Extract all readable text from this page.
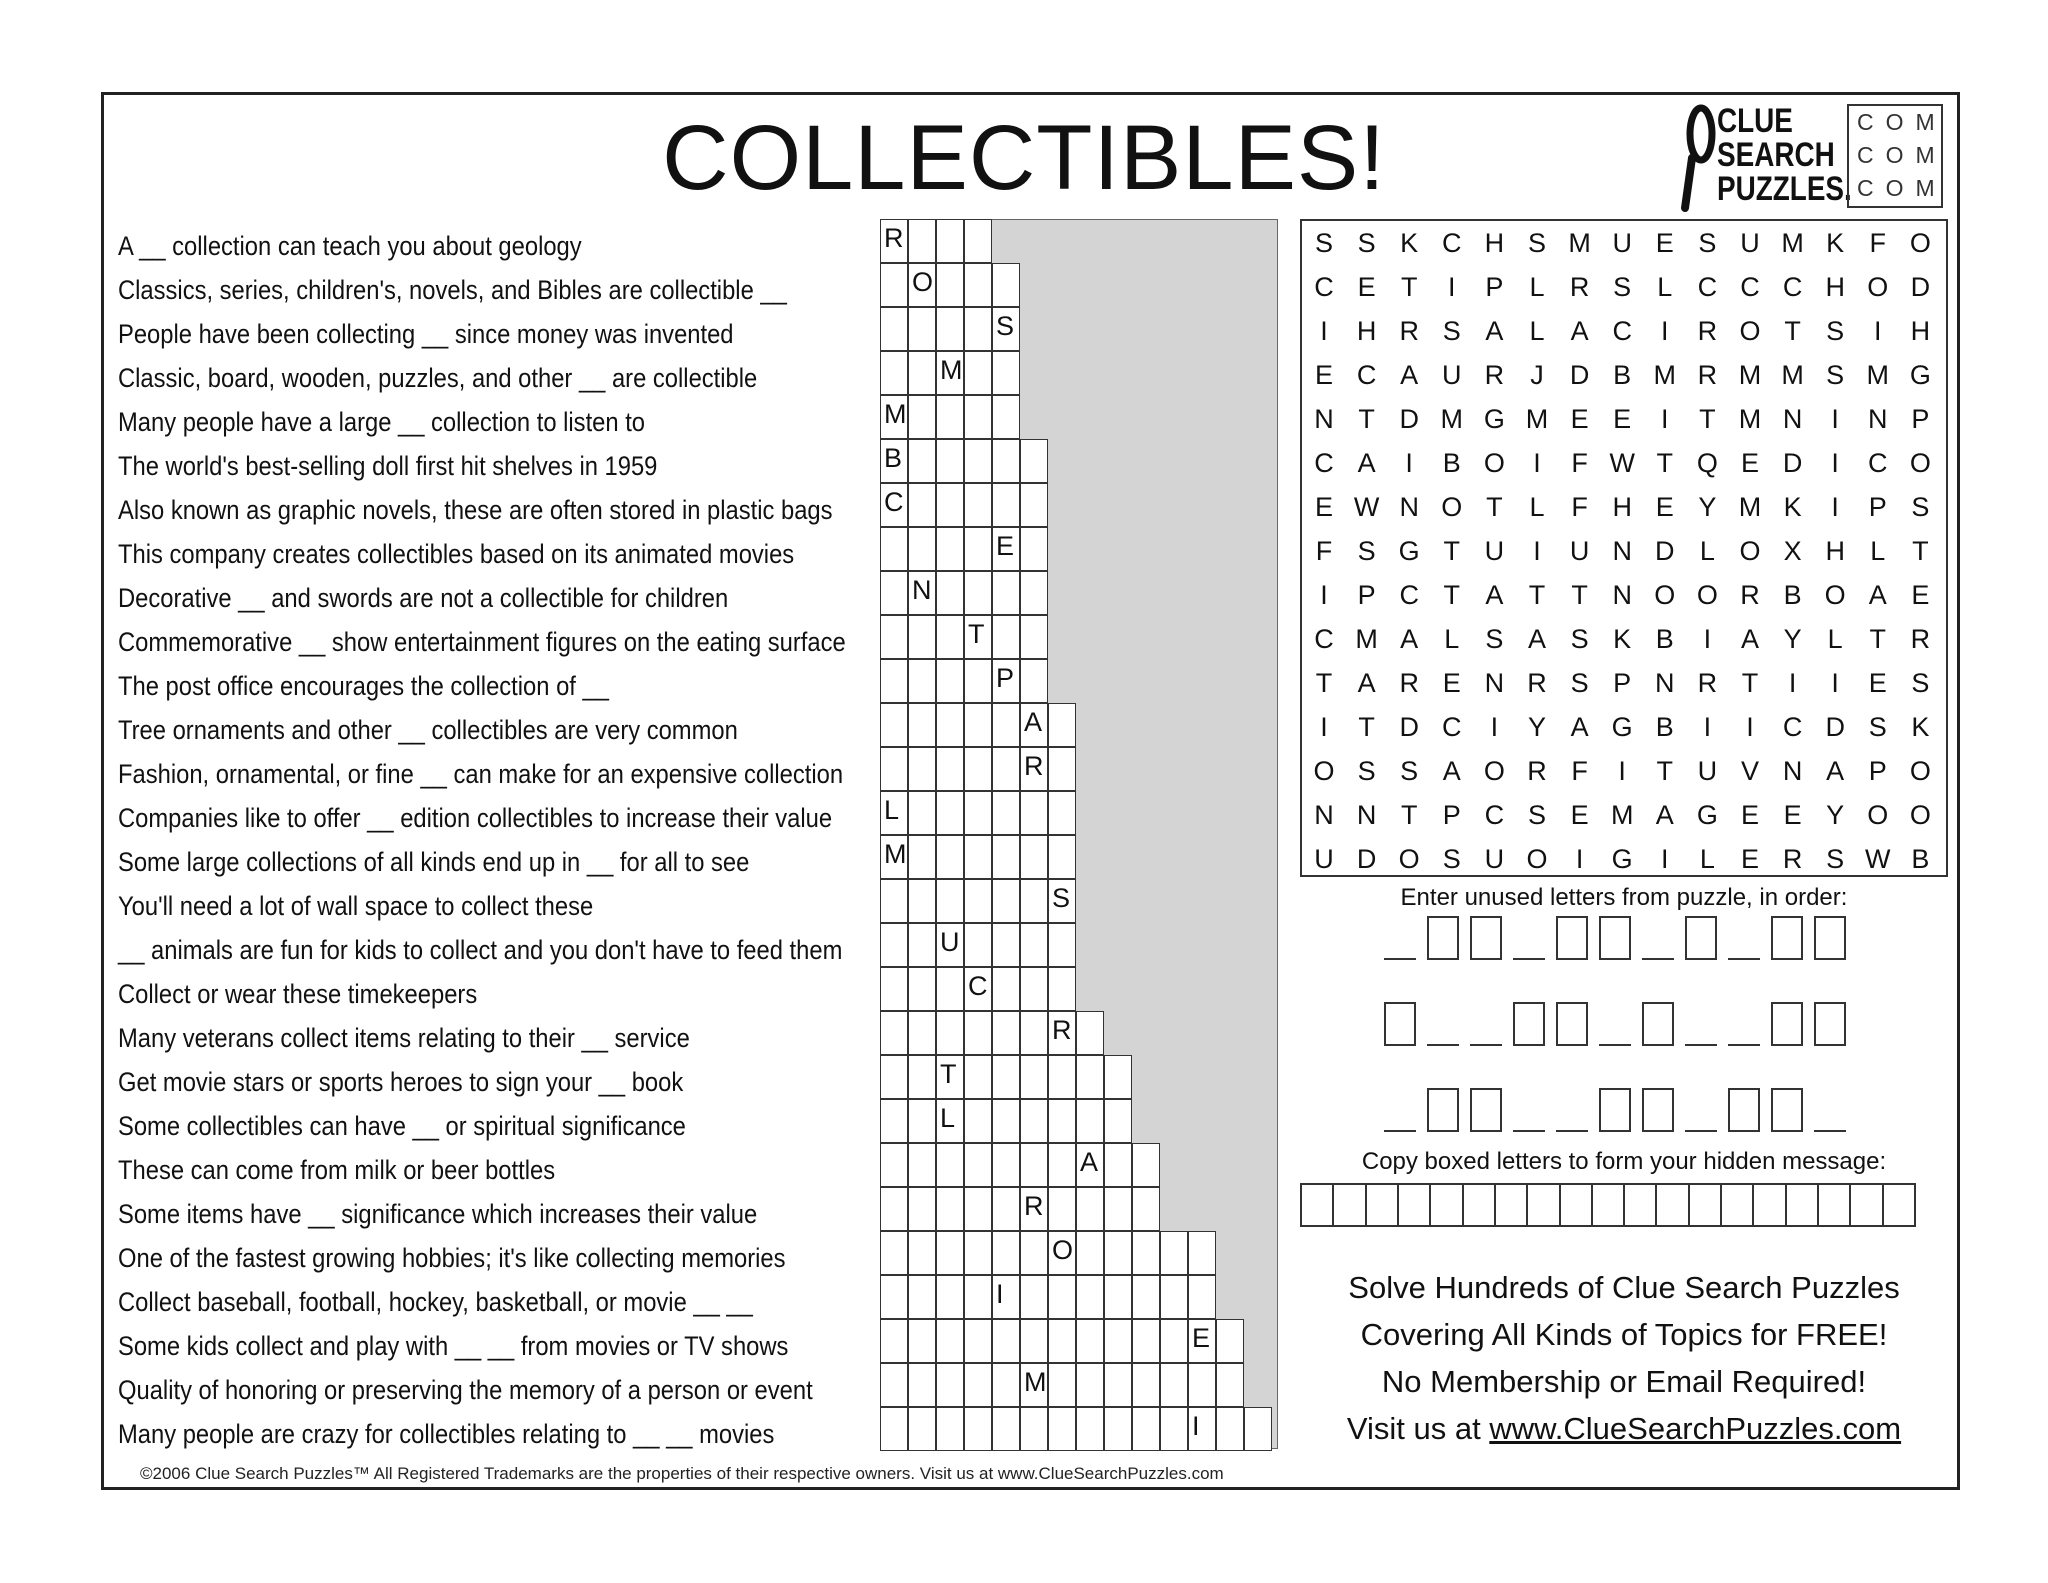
COLLECTIBLES!	CLUE
SEARCH
PUZZLES.
COM
COM
COM
A __ collection can teach you about geology
Classics, series, children's, novels, and Bibles are collectible __
People have been collecting __ since money was invented
Classic, board, wooden, puzzles, and other __ are collectible
Many people have a large __ collection to listen to
The world's best-selling doll first hit shelves in 1959
Also known as graphic novels, these are often stored in plastic bags
This company creates collectibles based on its animated movies
Decorative __ and swords are not a collectible for children
Commemorative __ show entertainment figures on the eating surface
The post office encourages the collection of __
Tree ornaments and other __ collectibles are very common
Fashion, ornamental, or fine __ can make for an expensive collection
Companies like to offer __ edition collectibles to increase their value
Some large collections of all kinds end up in __ for all to see
You'll need a lot of wall space to collect these
__ animals are fun for kids to collect and you don't have to feed them
Collect or wear these timekeepers
Many veterans collect items relating to their __ service
Get movie stars or sports heroes to sign your __ book
Some collectibles can have __ or spiritual significance
These can come from milk or beer bottles
Some items have __ significance which increases their value
One of the fastest growing hobbies; it's like collecting memories
Collect baseball, football, hockey, basketball, or movie __ __
Some kids collect and play with __ __ from movies or TV shows
Quality of honoring or preserving the memory of a person or event
Many people are crazy for collectibles relating to __ __ movies
R
O
S
M
M
B
C
E
N
T
P
A
R
L
M
S
U
C
R
T
L
A
R
O
I
E
M
I
S S K C H S M U E S U M K F O
C E T	I	P L R S L C C C H O D
I	H R S A L A C	I	R O T S	I	H
E C A U R J D B M R M M S M G
N T D M G M E E	I	T M N	I	N P
C A	I	B O	I	F W T Q E D	I	C O
E W N O T L F H E Y M K	I	P S
F S G T U	I	U N D L O X H L T
I	P C T A T T N O O R B O A E
C M A L S A S K B	I	A Y L T R
T A R E N R S P N R T	I	I	E S
I	T D C	I	Y A G B	I	I	C D S K
O S S A O R F	I	T U V N A P O
N N T P C S E M A G E E Y O O
U D O S U O	I	G	I	L E R S W B
Enter unused letters from puzzle, in order:
Copy boxed letters to form your hidden message:
Solve Hundreds of Clue Search Puzzles
Covering All Kinds of Topics for FREE!
No Membership or Email Required!
Visit us at www.ClueSearchPuzzles.com
©2006 Clue Search Puzzles™ All Registered Trademarks are the properties of their respective owners. Visit us at www.ClueSearchPuzzles.com
